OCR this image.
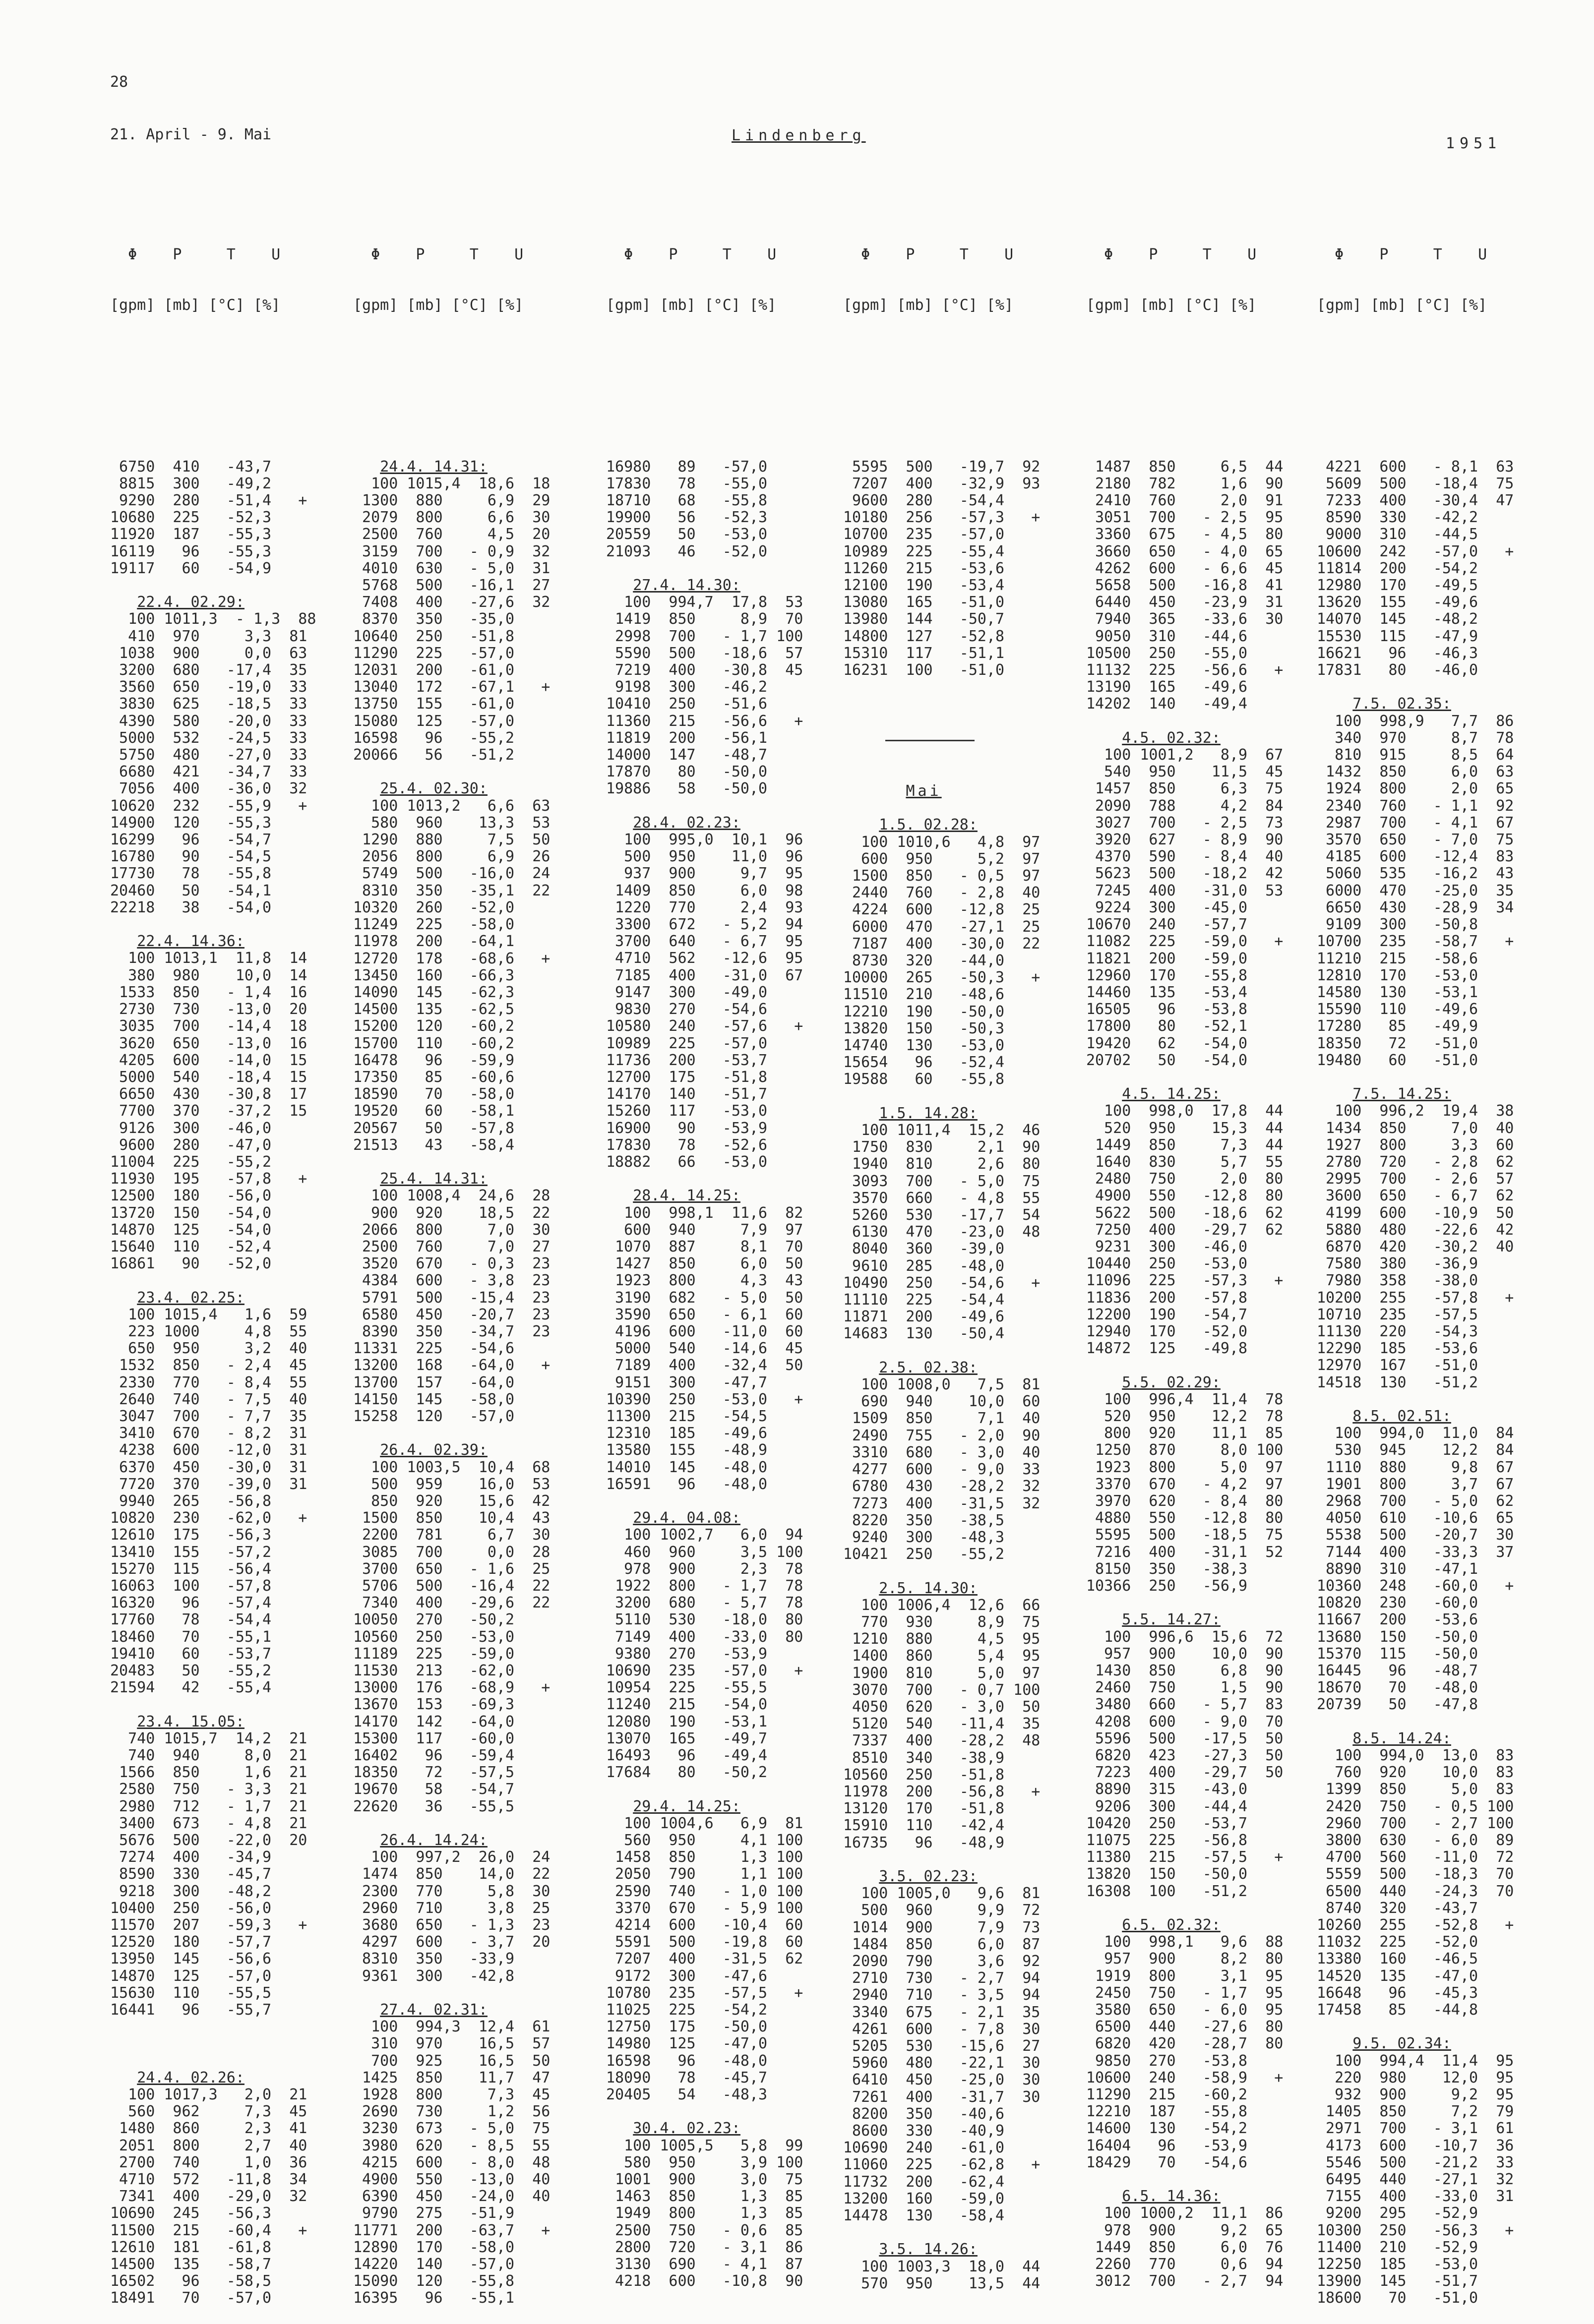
28
21. April - 9. Mai	Lindenberg	1951

Φ    P     T    U

[gpm] [mb] [°C] [%]

6750  410   -43,7
8815  300   -49,2
9290  280   -51,4   +
10680  225   -52,3
11920  187   -55,3
16119   96   -55,3
19117   60   -54,9
22.4. 02.29:
100 1011,3  - 1,3  88
410  970     3,3  81
1038  900     0,0  63
3200  680   -17,4  35
3560  650   -19,0  33
3830  625   -18,5  33
4390  580   -20,0  33
5000  532   -24,5  33
5750  480   -27,0  33
6680  421   -34,7  33
7056  400   -36,0  32
10620  232   -55,9   +
14900  120   -55,3
16299   96   -54,7
16780   90   -54,5
17730   78   -55,8
20460   50   -54,1
22218   38   -54,0
22.4. 14.36:
100 1013,1  11,8  14
380  980    10,0  14
1533  850   - 1,4  16
2730  730   -13,0  20
3035  700   -14,4  18
3620  650   -13,0  16
4205  600   -14,0  15
5000  540   -18,4  15
6650  430   -30,8  17
7700  370   -37,2  15
9126  300   -46,0
9600  280   -47,0
11004  225   -55,2
11930  195   -57,8   +
12500  180   -56,0
13720  150   -54,0
14870  125   -54,0
15640  110   -52,4
16861   90   -52,0
23.4. 02.25:
100 1015,4   1,6  59
223 1000     4,8  55
650  950     3,2  40
1532  850   - 2,4  45
2330  770   - 8,4  55
2640  740   - 7,5  40
3047  700   - 7,7  35
3410  670   - 8,2  31
4238  600   -12,0  31
6370  450   -30,0  31
7720  370   -39,0  31
9940  265   -56,8
10820  230   -62,0   +
12610  175   -56,3
13410  155   -57,2
15270  115   -56,4
16063  100   -57,8
16320   96   -57,4
17760   78   -54,4
18460   70   -55,1
19410   60   -53,7
20483   50   -55,2
21594   42   -55,4
23.4. 15.05:
740 1015,7  14,2  21
740  940     8,0  21
1566  850     1,6  21
2580  750   - 3,3  21
2980  712   - 1,7  21
3400  673   - 4,8  21
5676  500   -22,0  20
7274  400   -34,9
8590  330   -45,7
9218  300   -48,2
10400  250   -56,0
11570  207   -59,3   +
12520  180   -57,7
13950  145   -56,6
14870  125   -57,0
15630  110   -55,5
16441   96   -55,7
24.4. 02.26:
100 1017,3   2,0  21
560  962     7,3  45
1480  860     2,3  41
2051  800     2,7  40
2700  740     1,0  36
4710  572   -11,8  34
7341  400   -29,0  32
10690  245   -56,3
11500  215   -60,4   +
12610  181   -61,8
14500  135   -58,7
16502   96   -58,5
18491   70   -57,0

Φ    P     T    U

[gpm] [mb] [°C] [%]

24.4. 14.31:
100 1015,4  18,6  18
1300  880     6,9  29
2079  800     6,6  30
2500  760     4,5  20
3159  700   - 0,9  32
4010  630   - 5,0  31
5768  500   -16,1  27
7408  400   -27,6  32
8370  350   -35,0
10640  250   -51,8
11290  225   -57,0
12031  200   -61,0
13040  172   -67,1   +
13750  155   -61,0
15080  125   -57,0
16598   96   -55,2
20066   56   -51,2
25.4. 02.30:
100 1013,2   6,6  63
580  960    13,3  53
1290  880     7,5  50
2056  800     6,9  26
5749  500   -16,0  24
8310  350   -35,1  22
10320  260   -52,0
11249  225   -58,0
11978  200   -64,1
12720  178   -68,6   +
13450  160   -66,3
14090  145   -62,3
14500  135   -62,5
15200  120   -60,2
15700  110   -60,2
16478   96   -59,9
17350   85   -60,6
18590   70   -58,0
19520   60   -58,1
20567   50   -57,8
21513   43   -58,4
25.4. 14.31:
100 1008,4  24,6  28
900  920    18,5  22
2066  800     7,0  30
2500  760     7,0  27
3520  670   - 0,3  23
4384  600   - 3,8  23
5791  500   -15,4  23
6580  450   -20,7  23
8390  350   -34,7  23
11331  225   -54,6
13200  168   -64,0   +
13700  157   -64,0
14150  145   -58,0
15258  120   -57,0
26.4. 02.39:
100 1003,5  10,4  68
500  959    16,0  53
850  920    15,6  42
1500  850    10,4  43
2200  781     6,7  30
3085  700     0,0  28
3700  650   - 1,6  25
5706  500   -16,4  22
7340  400   -29,6  22
10050  270   -50,2
10560  250   -53,0
11189  225   -59,0
11530  213   -62,0
13000  176   -68,9   +
13670  153   -69,3
14170  142   -64,0
15300  117   -60,0
16402   96   -59,4
18350   72   -57,5
19670   58   -54,7
22620   36   -55,5
26.4. 14.24:
100  997,2  26,0  24
1474  850    14,0  22
2300  770     5,8  30
2960  710     3,8  25
3680  650   - 1,3  23
4297  600   - 3,7  20
8310  350   -33,9
9361  300   -42,8
27.4. 02.31:
100  994,3  12,4  61
310  970    16,5  57
700  925    16,5  50
1425  850    11,7  47
1928  800     7,3  45
2690  730     1,2  56
3230  673   - 5,0  75
3980  620   - 8,5  55
4215  600   - 8,0  48
4900  550   -13,0  40
6390  450   -24,0  40
9790  275   -51,9
11771  200   -63,7   +
12890  170   -58,0
14220  140   -57,0
15090  120   -55,8
16395   96   -55,1

Φ    P     T    U

[gpm] [mb] [°C] [%]

16980   89   -57,0
17830   78   -55,0
18710   68   -55,8
19900   56   -52,3
20559   50   -53,0
21093   46   -52,0
27.4. 14.30:
100  994,7  17,8  53
1419  850     8,9  70
2998  700   - 1,7 100
5590  500   -18,6  57
7219  400   -30,8  45
9198  300   -46,2
10410  250   -51,6
11360  215   -56,6   +
11819  200   -56,1
14000  147   -48,7
17870   80   -50,0
19886   58   -50,0
28.4. 02.23:
100  995,0  10,1  96
500  950    11,0  96
937  900     9,7  95
1409  850     6,0  98
1220  770     2,4  93
3300  672   - 5,2  94
3700  640   - 6,7  95
4710  562   -12,6  95
7185  400   -31,0  67
9147  300   -49,0
9830  270   -54,6
10580  240   -57,6   +
10989  225   -57,0
11736  200   -53,7
12700  175   -51,8
14170  140   -51,7
15260  117   -53,0
16900   90   -53,9
17830   78   -52,6
18882   66   -53,0
28.4. 14.25:
100  998,1  11,6  82
600  940     7,9  97
1070  887     8,1  70
1427  850     6,0  50
1923  800     4,3  43
3190  682   - 5,0  50
3590  650   - 6,1  60
4196  600   -11,0  60
5000  540   -14,6  45
7189  400   -32,4  50
9151  300   -47,7
10390  250   -53,0   +
11300  215   -54,5
12310  185   -49,6
13580  155   -48,9
14010  145   -48,0
16591   96   -48,0
29.4. 04.08:
100 1002,7   6,0  94
460  960     3,5 100
978  900     2,3  78
1922  800   - 1,7  78
3200  680   - 5,7  78
5110  530   -18,0  80
7149  400   -33,0  80
9380  270   -53,9
10690  235   -57,0   +
10954  225   -55,5
11240  215   -54,0
12080  190   -53,1
13070  165   -49,7
16493   96   -49,4
17684   80   -50,2
29.4. 14.25:
100 1004,6   6,9  81
560  950     4,1 100
1458  850     1,3 100
2050  790     1,1 100
2590  740   - 1,0 100
3370  670   - 5,9 100
4214  600   -10,4  60
5591  500   -19,8  60
7207  400   -31,5  62
9172  300   -47,6
10780  235   -57,5   +
11025  225   -54,2
12750  175   -50,0
14980  125   -47,0
16598   96   -48,0
18090   78   -45,7
20405   54   -48,3
30.4. 02.23:
100 1005,5   5,8  99
580  950     3,9 100
1001  900     3,0  75
1463  850     1,3  85
1949  800     1,3  85
2500  750   - 0,6  85
2800  720   - 3,1  86
3130  690   - 4,1  87
4218  600   -10,8  90

Φ    P     T    U

[gpm] [mb] [°C] [%]

5595  500   -19,7  92
7207  400   -32,9  93
9600  280   -54,4
10180  256   -57,3   +
10700  235   -57,0
10989  225   -55,4
11260  215   -53,6
12100  190   -53,4
13080  165   -51,0
13980  144   -50,7
14800  127   -52,8
15310  117   -51,1
16231  100   -51,0
Mai
1.5. 02.28:
100 1010,6   4,8  97
600  950     5,2  97
1500  850   - 0,5  97
2440  760   - 2,8  40
4224  600   -12,8  25
6000  470   -27,1  25
7187  400   -30,0  22
8730  320   -44,0
10000  265   -50,3   +
11510  210   -48,6
12210  190   -50,0
13820  150   -50,3
14740  130   -53,0
15654   96   -52,4
19588   60   -55,8
1.5. 14.28:
100 1011,4  15,2  46
1750  830     2,1  90
1940  810     2,6  80
3093  700   - 5,0  75
3570  660   - 4,8  55
5260  530   -17,7  54
6130  470   -23,0  48
8040  360   -39,0
9610  285   -48,0
10490  250   -54,6   +
11110  225   -54,4
11871  200   -49,6
14683  130   -50,4
2.5. 02.38:
100 1008,0   7,5  81
690  940    10,0  60
1509  850     7,1  40
2490  755   - 2,0  90
3310  680   - 3,0  40
4277  600   - 9,0  33
6780  430   -28,2  32
7273  400   -31,5  32
8220  350   -38,5
9240  300   -48,3
10421  250   -55,2
2.5. 14.30:
100 1006,4  12,6  66
770  930     8,9  75
1210  880     4,5  95
1400  860     5,4  95
1900  810     5,0  97
3070  700   - 0,7 100
4050  620   - 3,0  50
5120  540   -11,4  35
7337  400   -28,2  48
8510  340   -38,9
10560  250   -51,8
11978  200   -56,8   +
13120  170   -51,8
15910  110   -42,4
16735   96   -48,9
3.5. 02.23:
100 1005,0   9,6  81
500  960     9,9  72
1014  900     7,9  73
1484  850     6,0  87
2090  790     3,6  92
2710  730   - 2,7  94
2940  710   - 3,5  94
3340  675   - 2,1  35
4261  600   - 7,8  30
5205  530   -15,6  27
5960  480   -22,1  30
6410  450   -25,0  30
7261  400   -31,7  30
8200  350   -40,6
8600  330   -40,9
10690  240   -61,0
11060  225   -62,8   +
11732  200   -62,4
13200  160   -59,0
14478  130   -58,4
3.5. 14.26:
100 1003,3  18,0  44
570  950    13,5  44

Φ    P     T    U

[gpm] [mb] [°C] [%]

1487  850     6,5  44
2180  782     1,6  90
2410  760     2,0  91
3051  700   - 2,5  95
3360  675   - 4,5  80
3660  650   - 4,0  65
4262  600   - 6,6  45
5658  500   -16,8  41
6440  450   -23,9  31
7940  365   -33,6  30
9050  310   -44,6
10500  250   -55,0
11132  225   -56,6   +
13190  165   -49,6
14202  140   -49,4
4.5. 02.32:
100 1001,2   8,9  67
540  950    11,5  45
1457  850     6,3  75
2090  788     4,2  84
3027  700   - 2,5  73
3920  627   - 8,9  90
4370  590   - 8,4  40
5623  500   -18,2  42
7245  400   -31,0  53
9224  300   -45,0
10670  240   -57,7
11082  225   -59,0   +
11821  200   -59,0
12960  170   -55,8
14460  135   -53,4
16505   96   -53,8
17800   80   -52,1
19420   62   -54,0
20702   50   -54,0
4.5. 14.25:
100  998,0  17,8  44
520  950    15,3  44
1449  850     7,3  44
1640  830     5,7  55
2480  750     2,0  80
4900  550   -12,8  80
5622  500   -18,6  62
7250  400   -29,7  62
9231  300   -46,0
10440  250   -53,0
11096  225   -57,3   +
11836  200   -57,8
12200  190   -54,7
12940  170   -52,0
14872  125   -49,8
5.5. 02.29:
100  996,4  11,4  78
520  950    12,2  78
800  920    11,1  85
1250  870     8,0 100
1923  800     5,0  97
3370  670   - 4,2  97
3970  620   - 8,4  80
4880  550   -12,8  80
5595  500   -18,5  75
7216  400   -31,1  52
8150  350   -38,3
10366  250   -56,9
5.5. 14.27:
100  996,6  15,6  72
957  900    10,0  90
1430  850     6,8  90
2460  750     1,5  90
3480  660   - 5,7  83
4208  600   - 9,0  70
5596  500   -17,5  50
6820  423   -27,3  50
7223  400   -29,7  50
8890  315   -43,0
9206  300   -44,4
10420  250   -53,7
11075  225   -56,8
11380  215   -57,5   +
13820  150   -50,0
16308  100   -51,2
6.5. 02.32:
100  998,1   9,6  88
957  900     8,2  80
1919  800     3,1  95
2450  750   - 1,7  95
3580  650   - 6,0  95
6500  440   -27,6  80
6820  420   -28,7  80
9850  270   -53,8
10600  240   -58,9   +
11290  215   -60,2
12210  187   -55,8
14600  130   -54,2
16404   96   -53,9
18429   70   -54,6
6.5. 14.36:
100 1000,2  11,1  86
978  900     9,2  65
1449  850     6,0  76
2260  770     0,6  94
3012  700   - 2,7  94

Φ    P     T    U

[gpm] [mb] [°C] [%]

4221  600   - 8,1  63
5609  500   -18,4  75
7233  400   -30,4  47
8590  330   -42,2
9000  310   -44,5
10600  242   -57,0   +
11814  200   -54,2
12980  170   -49,5
13620  155   -49,6
14070  145   -48,2
15530  115   -47,9
16621   96   -46,3
17831   80   -46,0
7.5. 02.35:
100  998,9   7,7  86
340  970     8,7  78
810  915     8,5  64
1432  850     6,0  63
1924  800     2,0  65
2340  760   - 1,1  92
2987  700   - 4,1  67
3570  650   - 7,0  75
4185  600   -12,4  83
5060  535   -16,2  43
6000  470   -25,0  35
6650  430   -28,9  34
9109  300   -50,8
10700  235   -58,7   +
11210  215   -58,6
12810  170   -53,0
14580  130   -53,1
15590  110   -49,6
17280   85   -49,9
18350   72   -51,0
19480   60   -51,0
7.5. 14.25:
100  996,2  19,4  38
1434  850     7,0  40
1927  800     3,3  60
2780  720   - 2,8  62
2995  700   - 2,6  57
3600  650   - 6,7  62
4199  600   -10,9  50
5880  480   -22,6  42
6870  420   -30,2  40
7580  380   -36,9
7980  358   -38,0
10200  255   -57,8   +
10710  235   -57,5
11130  220   -54,3
12290  185   -53,6
12970  167   -51,0
14518  130   -51,2
8.5. 02.51:
100  994,0  11,0  84
530  945    12,2  84
1110  880     9,8  67
1901  800     3,7  67
2968  700   - 5,0  62
4050  610   -10,6  65
5538  500   -20,7  30
7144  400   -33,3  37
8890  310   -47,1
10360  248   -60,0   +
10820  230   -60,0
11667  200   -53,6
13680  150   -50,0
15370  115   -50,0
16445   96   -48,7
18670   70   -48,0
20739   50   -47,8
8.5. 14.24:
100  994,0  13,0  83
760  920    10,0  83
1399  850     5,0  83
2420  750   - 0,5 100
2960  700   - 2,7 100
3800  630   - 6,0  89
4700  560   -11,0  72
5559  500   -18,3  70
6500  440   -24,3  70
8740  320   -43,7
10260  255   -52,8   +
11032  225   -52,0
13380  160   -46,5
14520  135   -47,0
16648   96   -45,3
17458   85   -44,8
9.5. 02.34:
100  994,4  11,4  95
220  980    12,0  95
932  900     9,2  95
1405  850     7,2  79
2971  700   - 3,1  61
4173  600   -10,7  36
5546  500   -21,2  33
6495  440   -27,1  32
7155  400   -33,0  31
9200  295   -52,9
10300  250   -56,3   +
11400  210   -52,9
12250  185   -53,0
13900  145   -51,7
18600   70   -51,0
